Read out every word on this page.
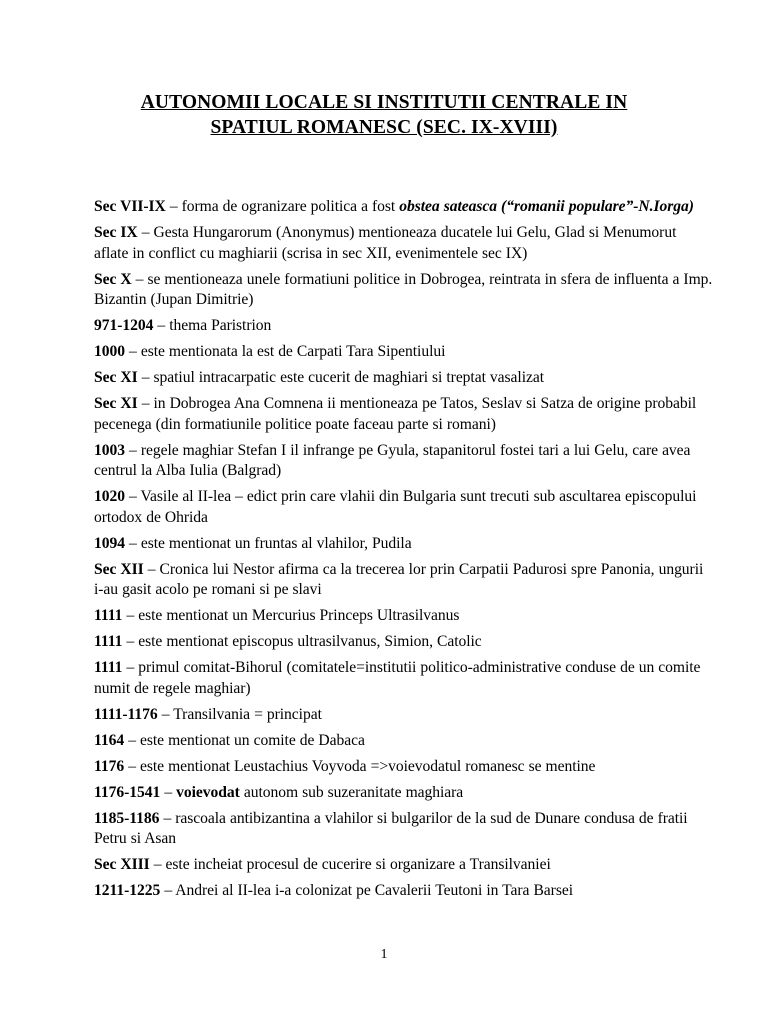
AUTONOMII LOCALE SI INSTITUTII CENTRALE IN
SPATIUL ROMANESC (SEC. IX-XVIII)
Sec VII-IX – forma de ogranizare politica a fost obstea sateasca (“romanii populare”-N.Iorga)
Sec IX – Gesta Hungarorum (Anonymus) mentioneaza ducatele lui Gelu, Glad si Menumorut aflate in conflict cu maghiarii (scrisa in sec XII, evenimentele sec IX)
Sec X – se mentioneaza unele formatiuni politice in Dobrogea, reintrata in sfera de influenta a Imp. Bizantin (Jupan Dimitrie)
971-1204 – thema Paristrion
1000 – este mentionata la est de Carpati Tara Sipentiului
Sec XI – spatiul intracarpatic este cucerit de maghiari si treptat vasalizat
Sec XI – in Dobrogea Ana Comnena ii mentioneaza pe Tatos, Seslav si Satza de origine probabil pecenega (din formatiunile politice poate faceau parte si romani)
1003 – regele maghiar Stefan I il infrange pe Gyula, stapanitorul fostei tari a lui Gelu, care avea centrul la Alba Iulia (Balgrad)
1020 – Vasile al II-lea – edict prin care vlahii din Bulgaria sunt trecuti sub ascultarea episcopului ortodox de Ohrida
1094 – este mentionat un fruntas al vlahilor, Pudila
Sec XII – Cronica lui Nestor afirma ca la trecerea lor prin Carpatii Padurosi spre Panonia, ungurii i-au gasit acolo pe romani si pe slavi
1111 – este mentionat un Mercurius Princeps Ultrasilvanus
1111 – este mentionat episcopus ultrasilvanus, Simion, Catolic
1111 – primul comitat-Bihorul (comitatele=institutii politico-administrative conduse de un comite numit de regele maghiar)
1111-1176 – Transilvania = principat
1164 – este mentionat un comite de Dabaca
1176 – este mentionat Leustachius Voyvoda =>voievodatul romanesc se mentine
1176-1541 – voievodat autonom sub suzeranitate maghiara
1185-1186 – rascoala antibizantina a vlahilor si bulgarilor de la sud de Dunare condusa de fratii Petru si Asan
Sec XIII – este incheiat procesul de cucerire si organizare a Transilvaniei
1211-1225 – Andrei al II-lea i-a colonizat pe Cavalerii Teutoni in Tara Barsei
1
